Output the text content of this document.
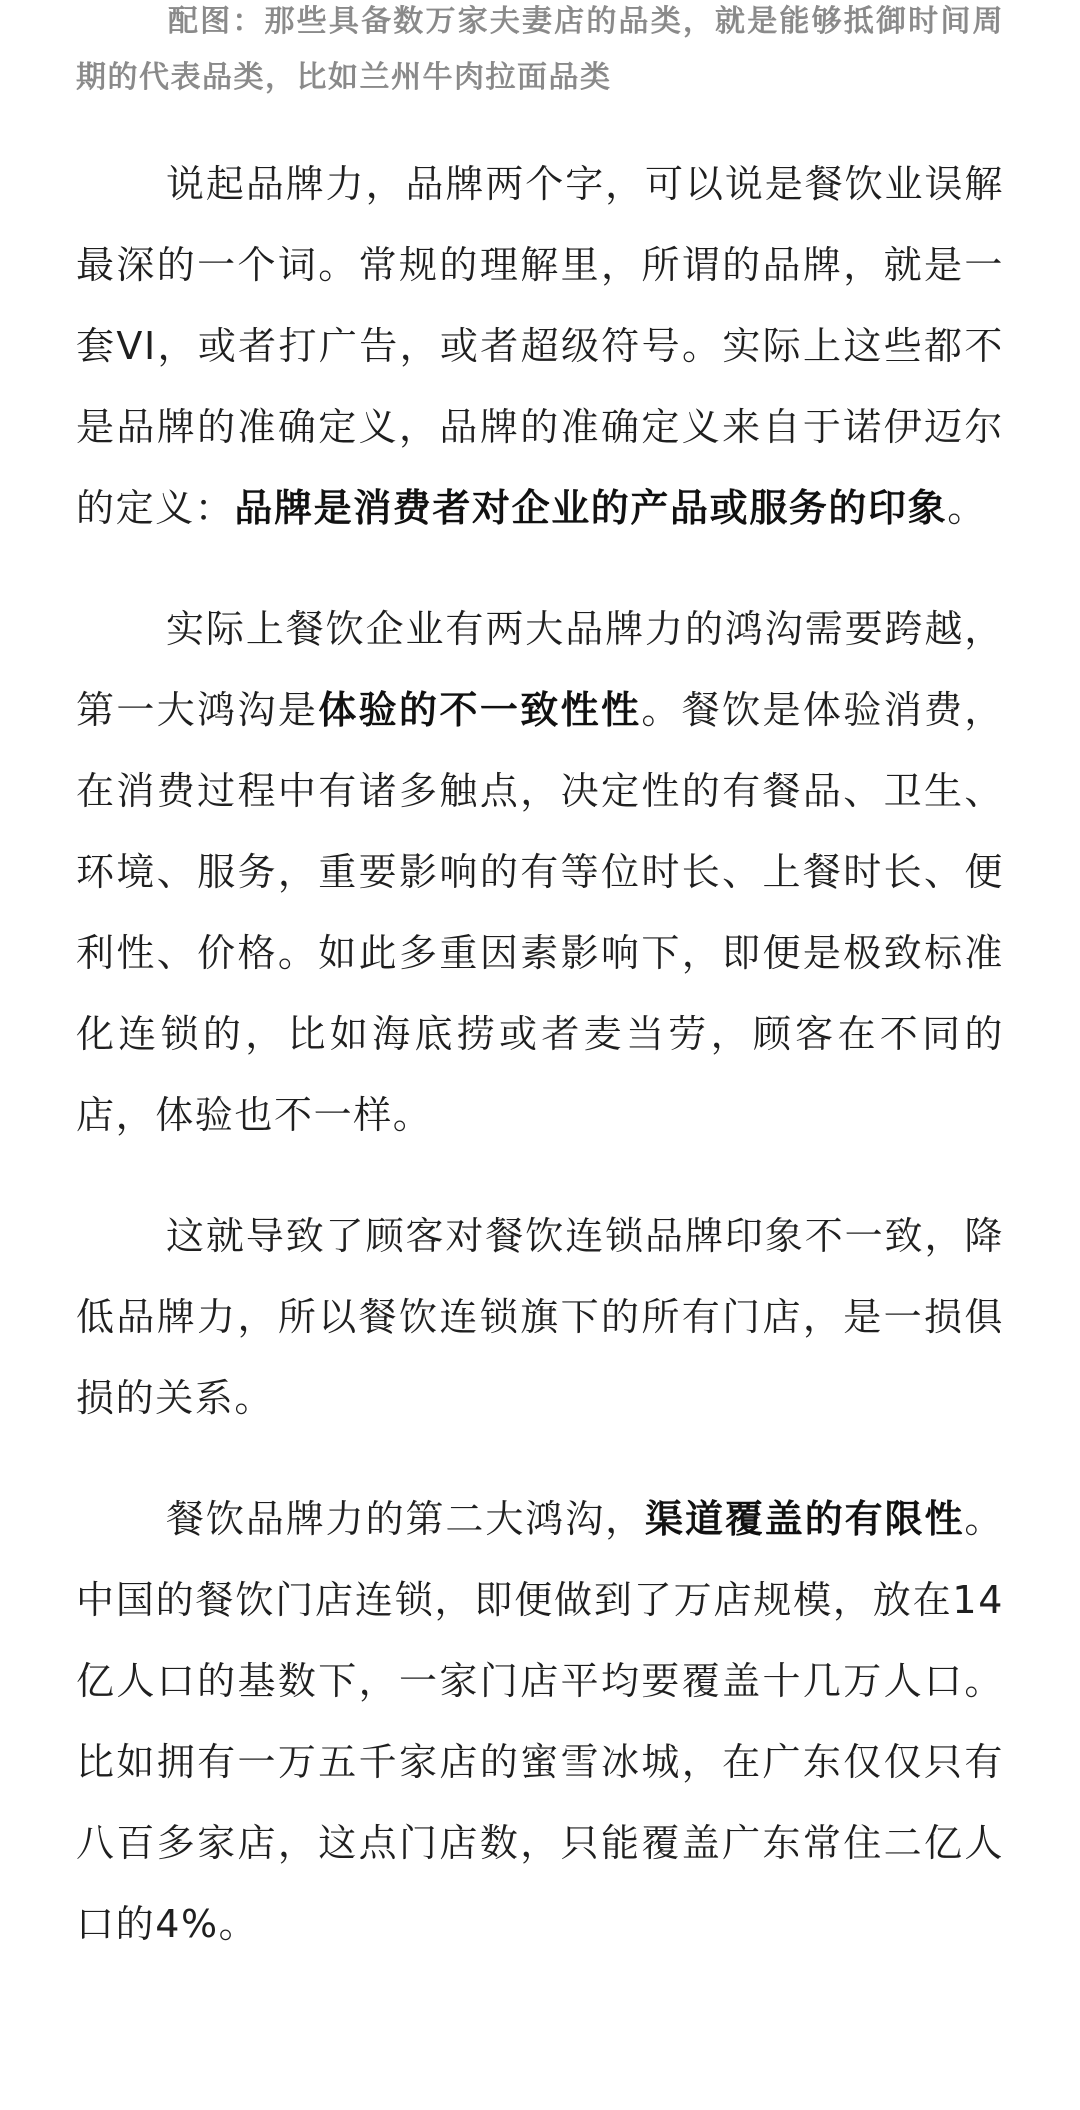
配图：那些具备数万家夫妻店的品类，就是能够抵御时间周期的代表品类，比如兰州牛肉拉面品类

说起品牌力，品牌两个字，可以说是餐饮业误解最深的一个词。常规的理解里，所谓的品牌，就是一套VI，或者打广告，或者超级符号。实际上这些都不是品牌的准确定义，品牌的准确定义来自于诺伊迈尔的定义：品牌是消费者对企业的产品或服务的印象。

实际上餐饮企业有两大品牌力的鸿沟需要跨越，第一大鸿沟是体验的不一致性性。餐饮是体验消费，在消费过程中有诸多触点，决定性的有餐品、卫生、环境、服务，重要影响的有等位时长、上餐时长、便利性、价格。如此多重因素影响下，即便是极致标准化连锁的，比如海底捞或者麦当劳，顾客在不同的店，体验也不一样。

这就导致了顾客对餐饮连锁品牌印象不一致，降低品牌力，所以餐饮连锁旗下的所有门店，是一损俱损的关系。

餐饮品牌力的第二大鸿沟，渠道覆盖的有限性。中国的餐饮门店连锁，即便做到了万店规模，放在14亿人口的基数下，一家门店平均要覆盖十几万人口。比如拥有一万五千家店的蜜雪冰城，在广东仅仅只有八百多家店，这点门店数，只能覆盖广东常住二亿人口的4%。
